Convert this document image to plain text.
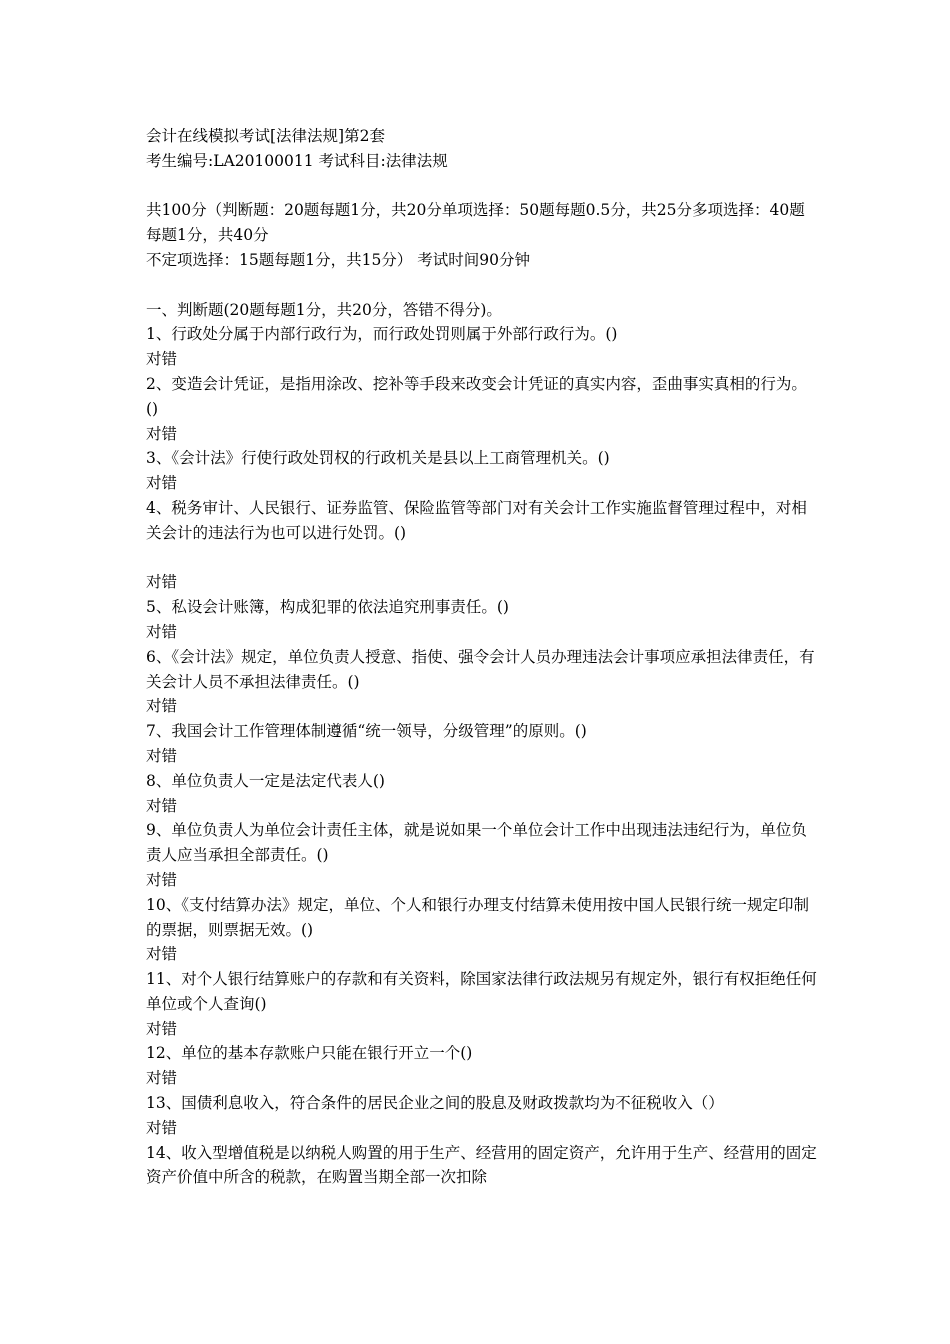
会计在线模拟考试[法律法规]第2套
考生编号:LA20100011 考试科目:法律法规
共100分（判断题：20题每题1分，共20分单项选择：50题每题0.5分，共25分多项选择：40题每题1分，共40分
不定项选择：15题每题1分，共15分） 考试时间90分钟
一、判断题(20题每题1分，共20分，答错不得分)。
1、行政处分属于内部行政行为，而行政处罚则属于外部行政行为。()
对错
2、变造会计凭证，是指用涂改、挖补等手段来改变会计凭证的真实内容，歪曲事实真相的行为。()
对错
3、《会计法》行使行政处罚权的行政机关是县以上工商管理机关。()
对错
4、税务审计、人民银行、证券监管、保险监管等部门对有关会计工作实施监督管理过程中，对相关会计的违法行为也可以进行处罚。()
对错
5、私设会计账簿，构成犯罪的依法追究刑事责任。()
对错
6、《会计法》规定，单位负责人授意、指使、强令会计人员办理违法会计事项应承担法律责任，有关会计人员不承担法律责任。()
对错
7、我国会计工作管理体制遵循“统一领导，分级管理”的原则。()
对错
8、单位负责人一定是法定代表人()
对错
9、单位负责人为单位会计责任主体，就是说如果一个单位会计工作中出现违法违纪行为，单位负责人应当承担全部责任。()
对错
10、《支付结算办法》规定，单位、个人和银行办理支付结算未使用按中国人民银行统一规定印制的票据，则票据无效。()
对错
11、对个人银行结算账户的存款和有关资料，除国家法律行政法规另有规定外，银行有权拒绝任何单位或个人查询()
对错
12、单位的基本存款账户只能在银行开立一个()
对错
13、国债利息收入，符合条件的居民企业之间的股息及财政拨款均为不征税收入（）
对错
14、收入型增值税是以纳税人购置的用于生产、经营用的固定资产，允许用于生产、经营用的固定资产价值中所含的税款，在购置当期全部一次扣除
